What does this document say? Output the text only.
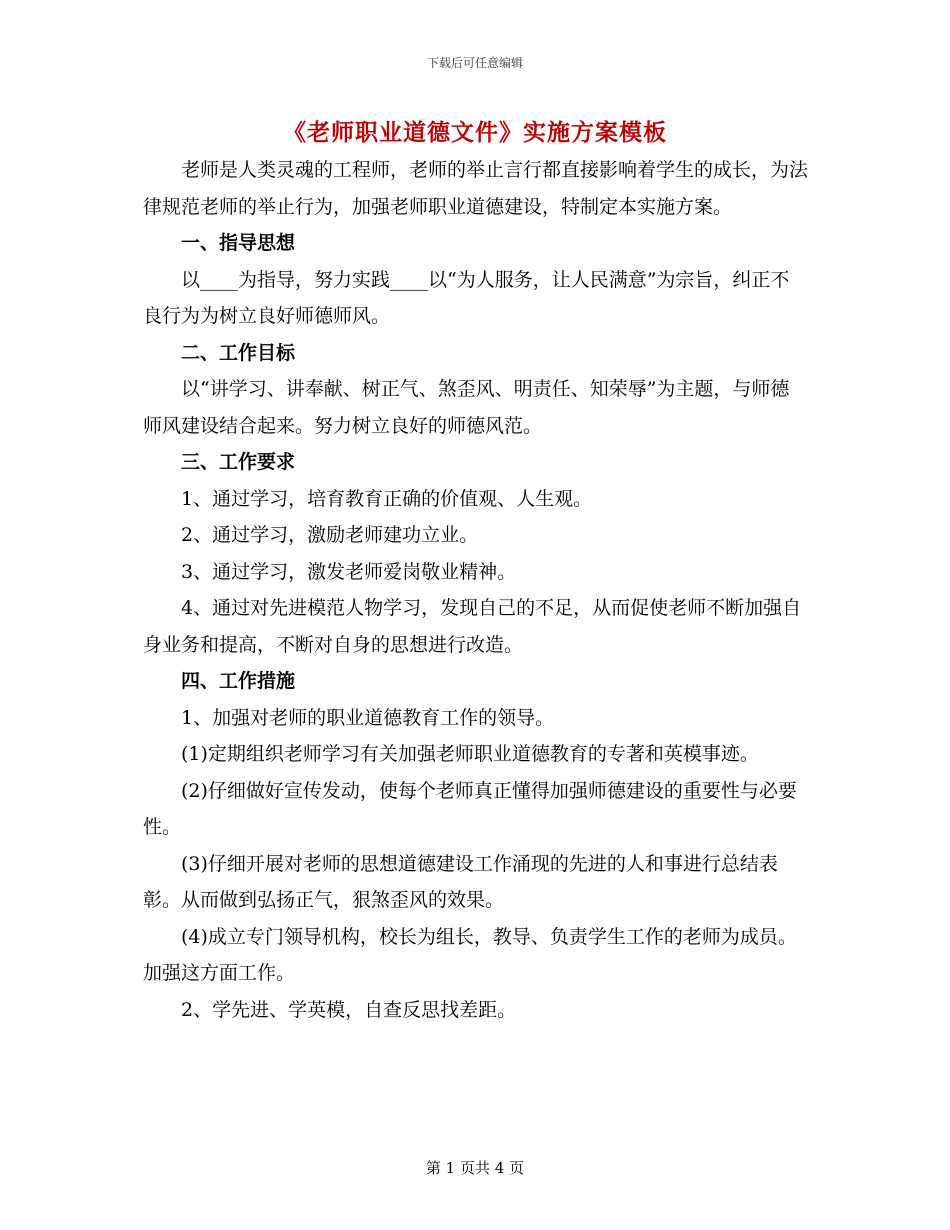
下载后可任意编辑
《老师职业道德文件》实施方案模板

老师是人类灵魂的工程师，老师的举止言行都直接影响着学生的成长，为法律规范老师的举止行为，加强老师职业道德建设，特制定本实施方案。

一、指导思想

以____为指导，努力实践____以“为人服务，让人民满意”为宗旨，纠正不良行为为树立良好师德师风。

二、工作目标

以“讲学习、讲奉献、树正气、煞歪风、明责任、知荣辱”为主题，与师德师风建设结合起来。努力树立良好的师德风范。

三、工作要求

1、通过学习，培育教育正确的价值观、人生观。

2、通过学习，激励老师建功立业。

3、通过学习，激发老师爱岗敬业精神。

4、通过对先进模范人物学习，发现自己的不足，从而促使老师不断加强自身业务和提高，不断对自身的思想进行改造。

四、工作措施

1、加强对老师的职业道德教育工作的领导。

(1)定期组织老师学习有关加强老师职业道德教育的专著和英模事迹。

(2)仔细做好宣传发动，使每个老师真正懂得加强师德建设的重要性与必要性。

(3)仔细开展对老师的思想道德建设工作涌现的先进的人和事进行总结表彰。从而做到弘扬正气，狠煞歪风的效果。

(4)成立专门领导机构，校长为组长，教导、负责学生工作的老师为成员。加强这方面工作。

2、学先进、学英模，自查反思找差距。

第 1 页共 4 页
